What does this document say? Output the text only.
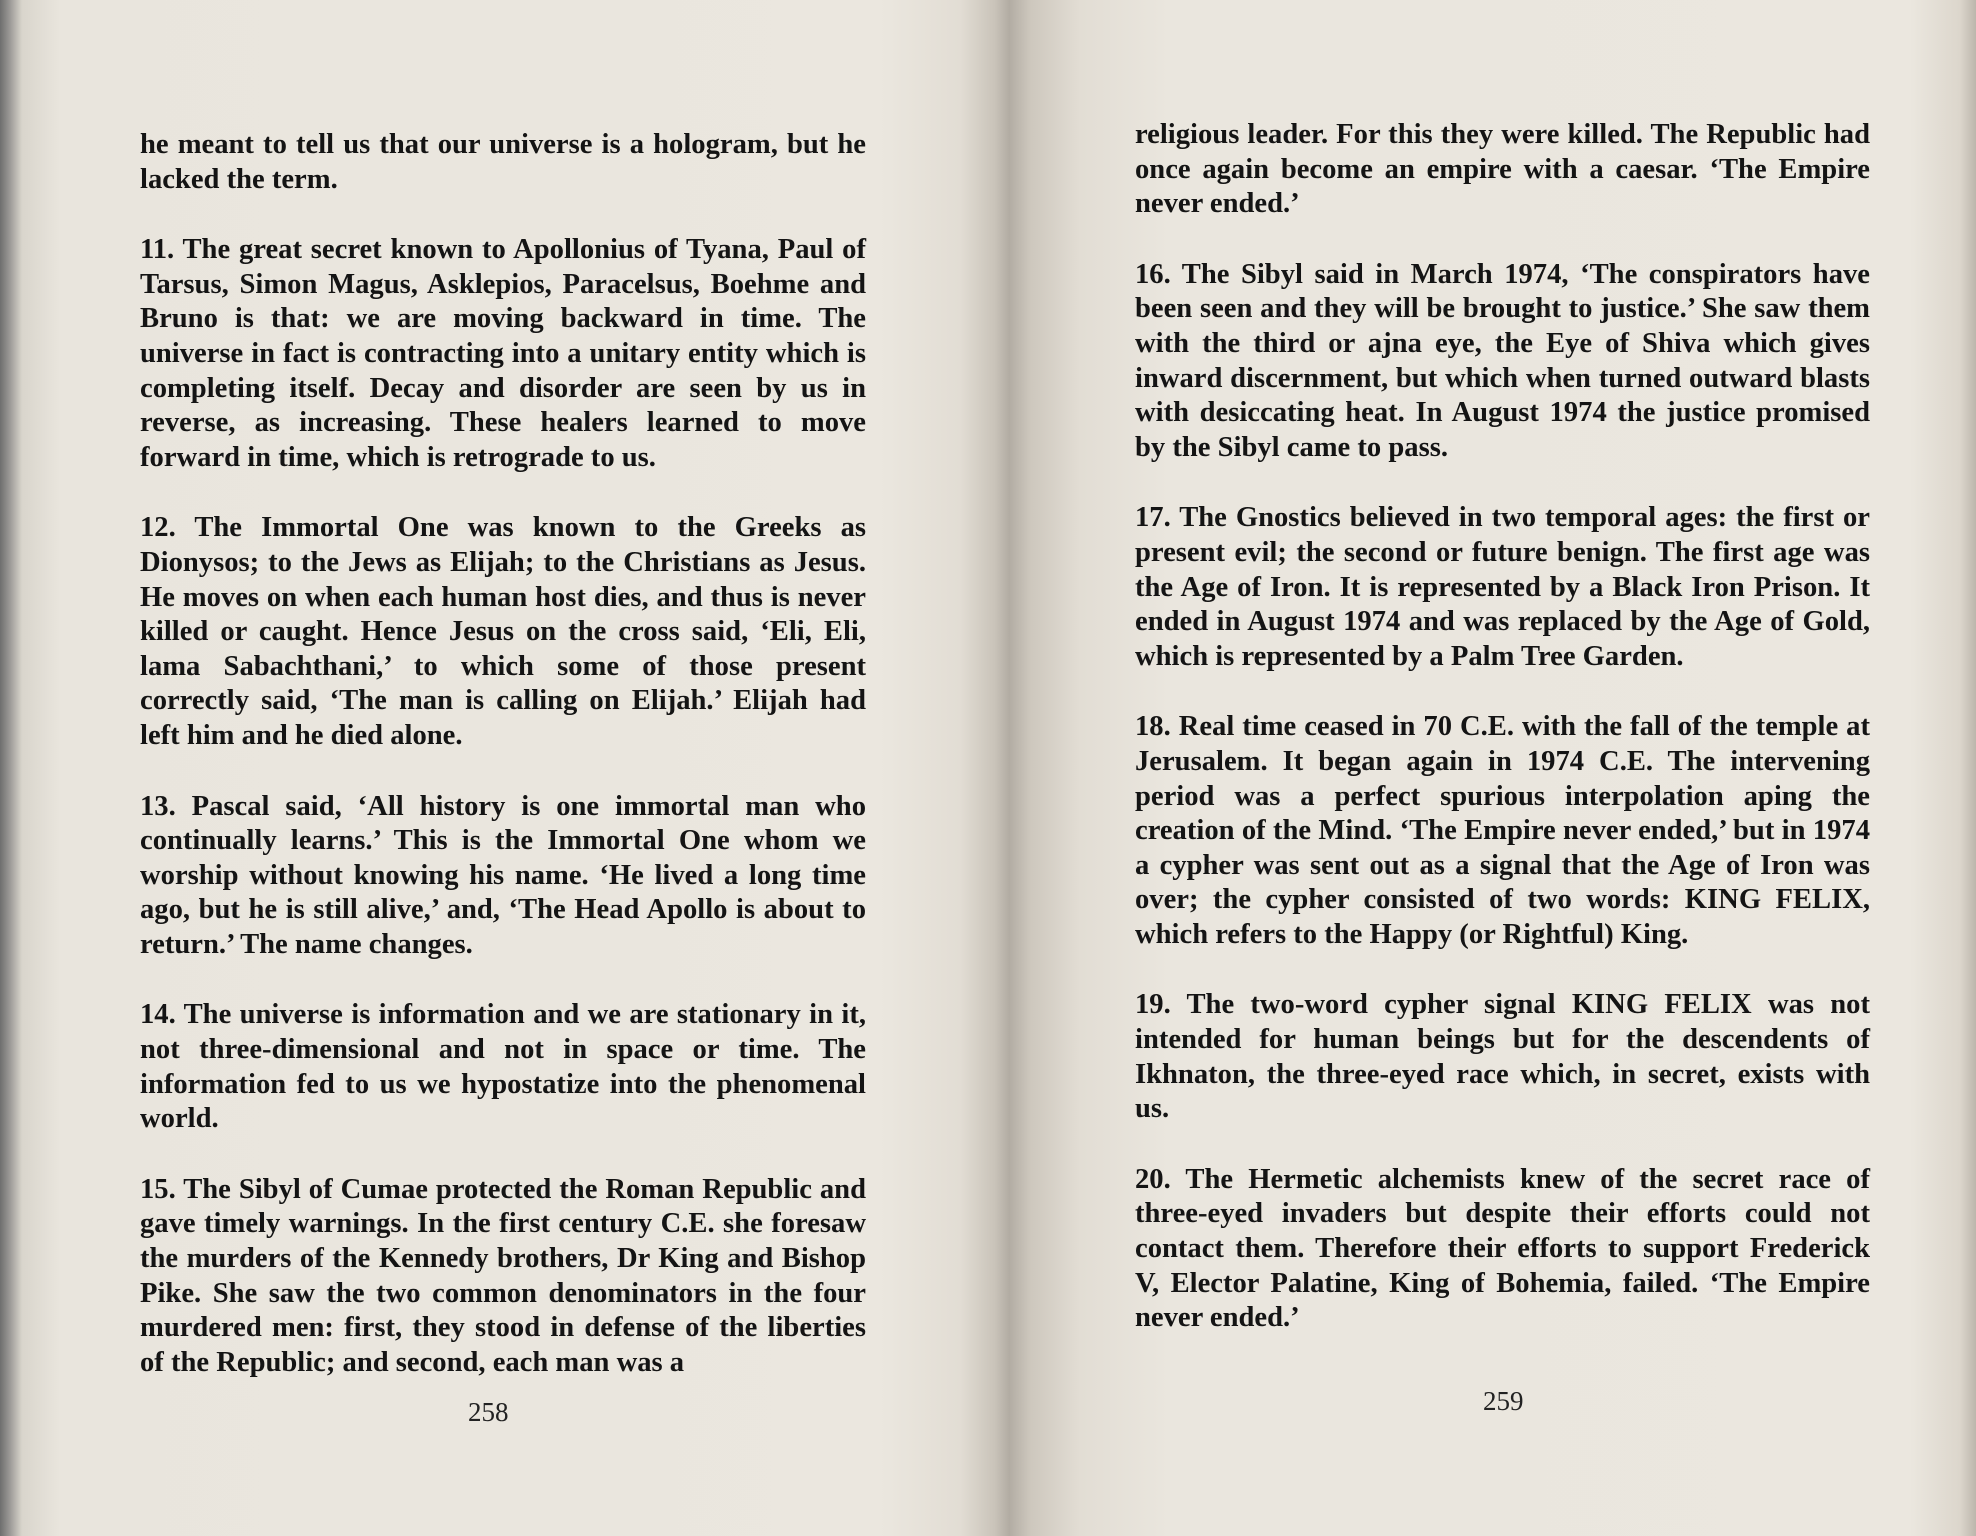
he meant to tell us that our universe is a hologram, but he lacked the term.

11. The great secret known to Apollonius of Tyana, Paul of Tarsus, Simon Magus, Asklepios, Paracelsus, Boehme and Bruno is that: we are moving backward in time. The universe in fact is contracting into a unitary entity which is completing itself. Decay and disorder are seen by us in reverse, as increasing. These healers learned to move forward in time, which is retrograde to us.

12. The Immortal One was known to the Greeks as Dionysos; to the Jews as Elijah; to the Christians as Jesus. He moves on when each human host dies, and thus is never killed or caught. Hence Jesus on the cross said, ‘Eli, Eli, lama Sabachthani,’ to which some of those present correctly said, ‘The man is calling on Elijah.’ Elijah had left him and he died alone.

13. Pascal said, ‘All history is one immortal man who continually learns.’ This is the Immortal One whom we worship without knowing his name. ‘He lived a long time ago, but he is still alive,’ and, ‘The Head Apollo is about to return.’ The name changes.

14. The universe is information and we are stationary in it, not three-dimensional and not in space or time. The information fed to us we hypostatize into the phenomenal world.

15. The Sibyl of Cumae protected the Roman Republic and gave timely warnings. In the first century C.E. she foresaw the murders of the Kennedy brothers, Dr King and Bishop Pike. She saw the two common denominators in the four murdered men: first, they stood in defense of the liberties of the Republic; and second, each man was a

258

religious leader. For this they were killed. The Republic had once again become an empire with a caesar. ‘The Empire never ended.’

16. The Sibyl said in March 1974, ‘The conspirators have been seen and they will be brought to justice.’ She saw them with the third or ajna eye, the Eye of Shiva which gives inward discernment, but which when turned outward blasts with desiccating heat. In August 1974 the justice promised by the Sibyl came to pass.

17. The Gnostics believed in two temporal ages: the first or present evil; the second or future benign. The first age was the Age of Iron. It is represented by a Black Iron Prison. It ended in August 1974 and was replaced by the Age of Gold, which is represented by a Palm Tree Garden.

18. Real time ceased in 70 C.E. with the fall of the temple at Jerusalem. It began again in 1974 C.E. The intervening period was a perfect spurious interpolation aping the creation of the Mind. ‘The Empire never ended,’ but in 1974 a cypher was sent out as a signal that the Age of Iron was over; the cypher consisted of two words: KING FELIX, which refers to the Happy (or Rightful) King.

19. The two-word cypher signal KING FELIX was not intended for human beings but for the descendents of Ikhnaton, the three-eyed race which, in secret, exists with us.

20. The Hermetic alchemists knew of the secret race of three-eyed invaders but despite their efforts could not contact them. Therefore their efforts to support Frederick V, Elector Palatine, King of Bohemia, failed. ‘The Empire never ended.’

259
